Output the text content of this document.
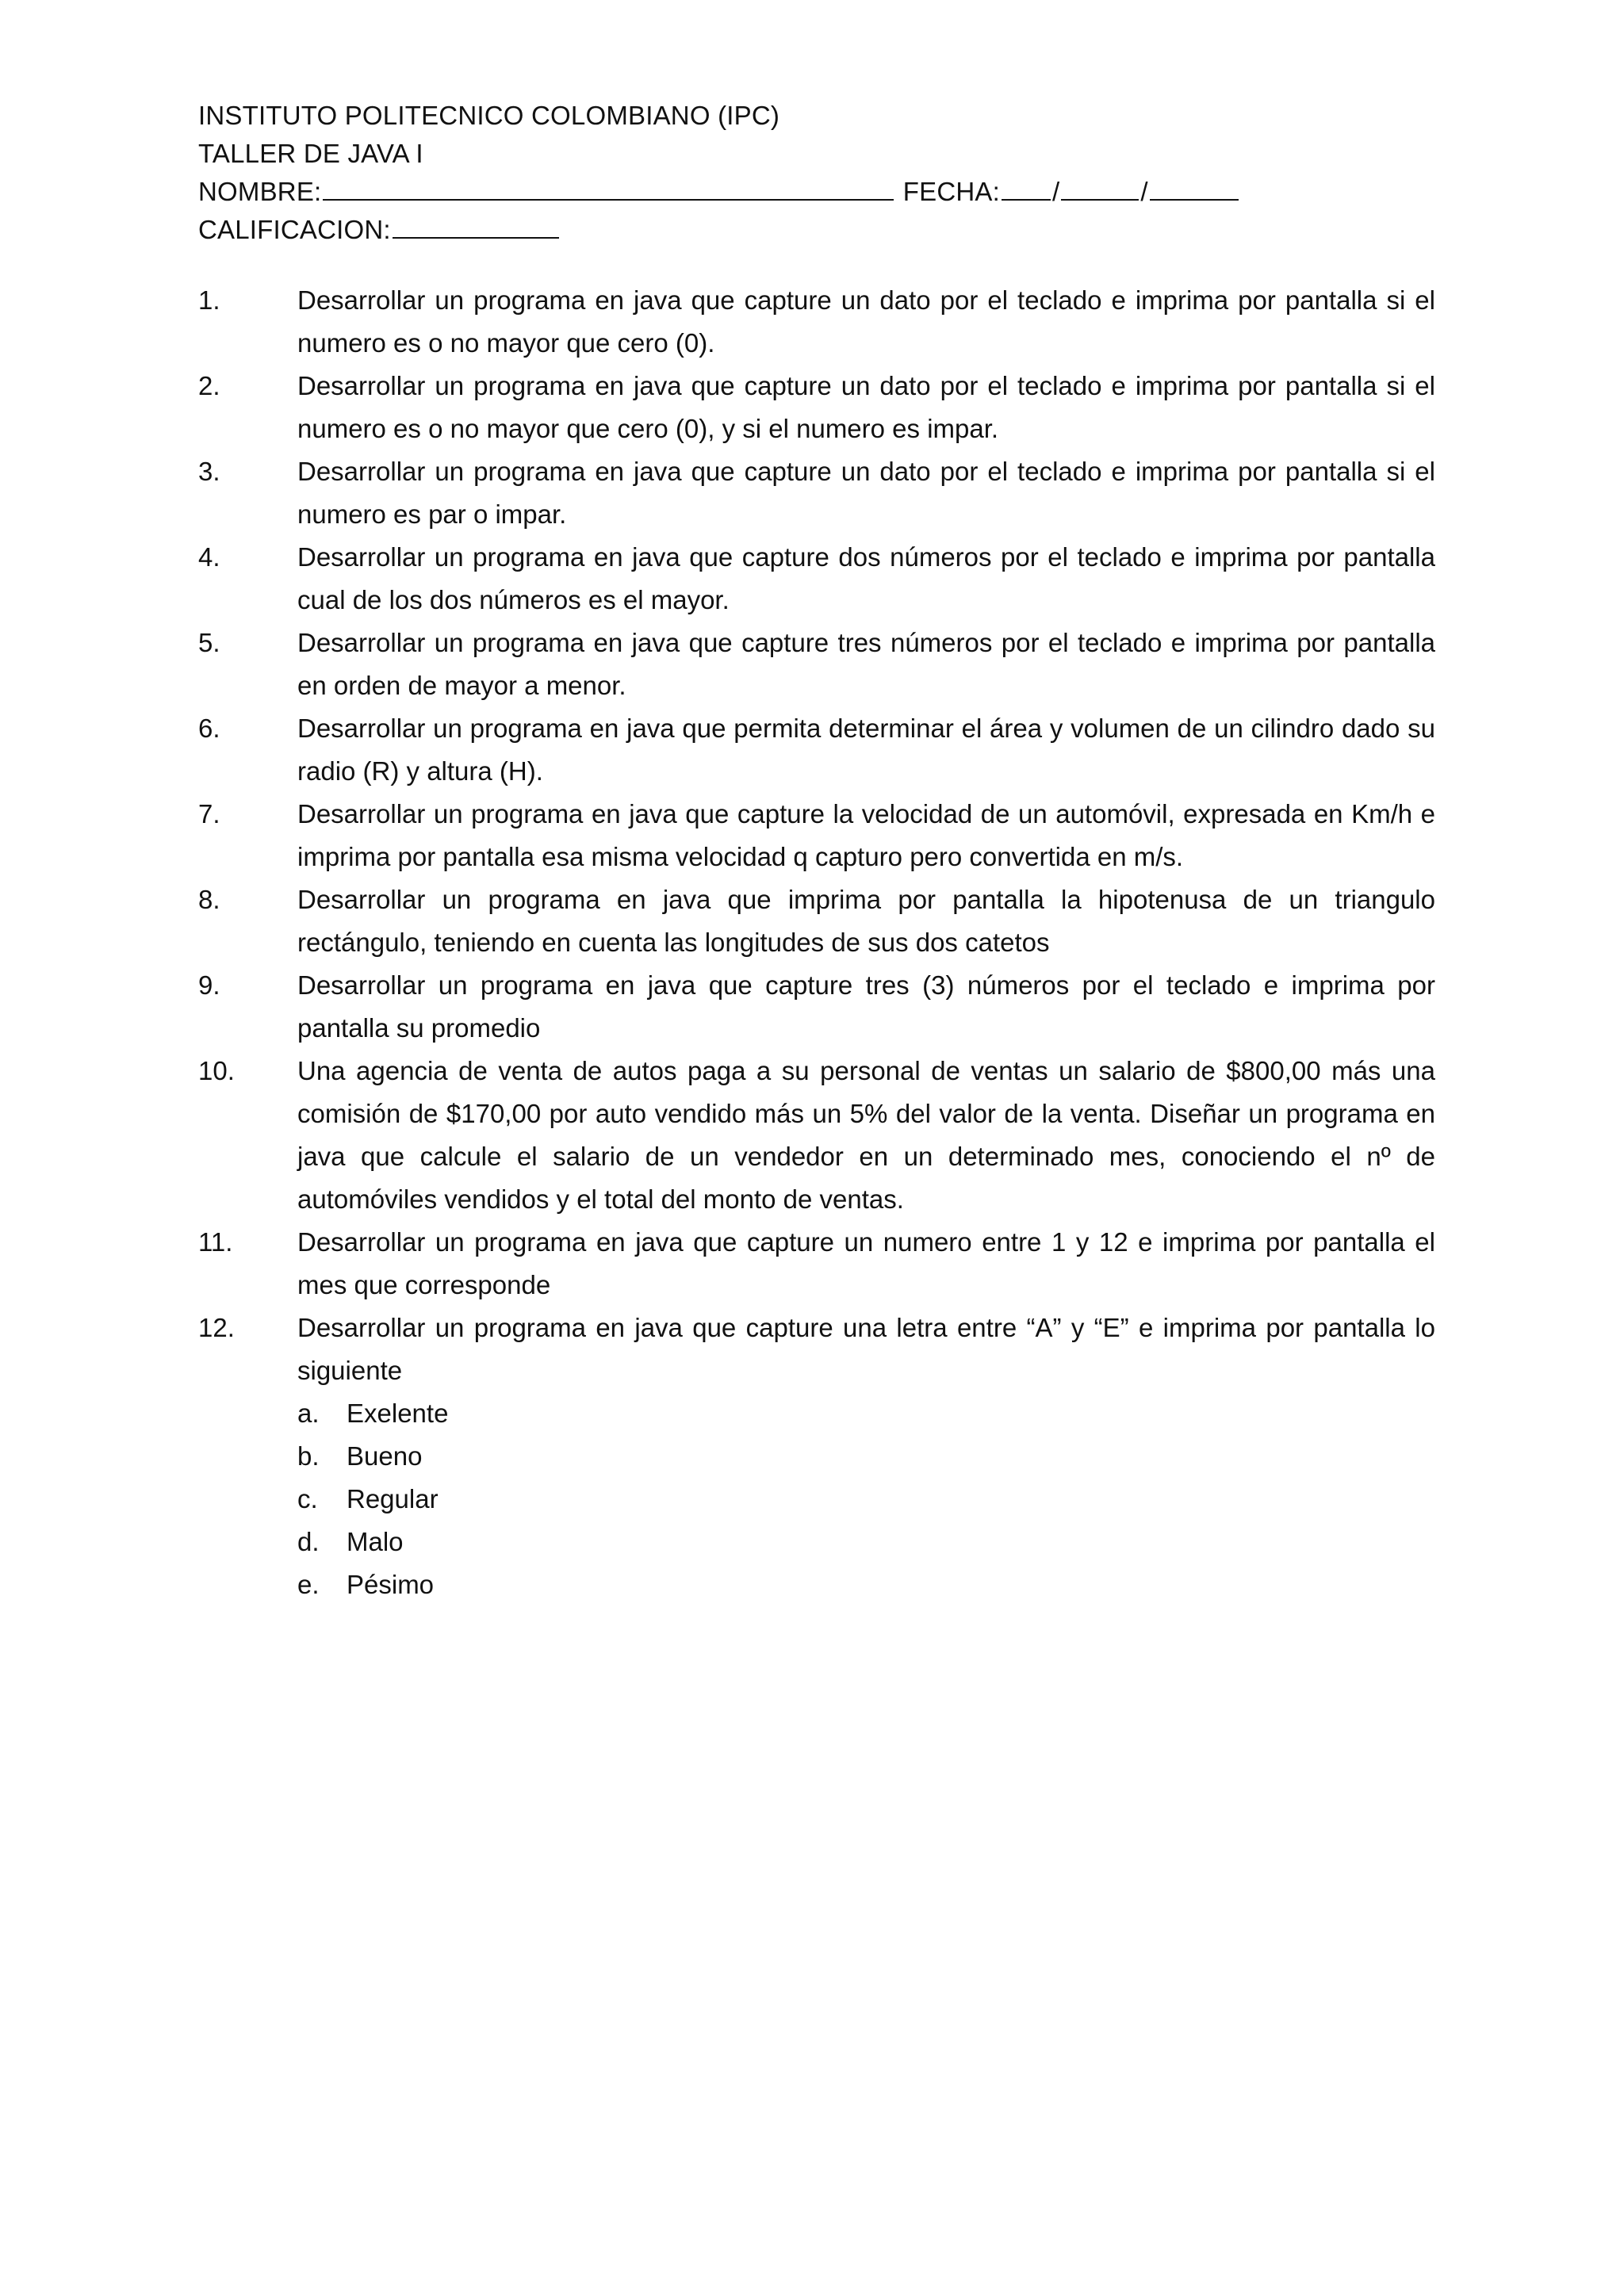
INSTITUTO POLITECNICO COLOMBIANO (IPC)
TALLER DE JAVA I
NOMBRE:	FECHA: /	/
CALIFICACION:
1.	Desarrollar un programa en java que capture un dato por el teclado e imprima por pantalla si el numero es o no mayor que cero (0).
2.	Desarrollar un programa en java que capture un dato por el teclado e imprima por pantalla si el numero es o no mayor que cero (0), y si el numero es impar.
3.	Desarrollar un programa en java que capture un dato por el teclado e imprima por pantalla si el numero es par o impar.
4.	Desarrollar un programa en java que capture dos números por el teclado e imprima por pantalla cual de los dos números es el mayor.
5.	Desarrollar un programa en java que capture tres números por el teclado e imprima por pantalla en orden de mayor a menor.
6.	Desarrollar un programa en java que permita determinar el área y volumen de un cilindro dado su radio (R) y altura (H).
7.	Desarrollar un programa en java que capture la velocidad de un automóvil, expresada en Km/h e imprima por pantalla esa misma velocidad q capturo pero convertida en m/s.
8.	Desarrollar un programa en java que imprima por pantalla la hipotenusa de un triangulo rectángulo, teniendo en cuenta las longitudes de sus dos catetos
9.	Desarrollar un programa en java que capture tres (3) números por el teclado e imprima por pantalla su promedio
10.	Una agencia de venta de autos paga a su personal de ventas un salario de $800,00 más una comisión de $170,00 por auto vendido más un 5% del valor de la venta. Diseñar un programa en java que calcule el salario de un vendedor en un determinado mes, conociendo el nº de automóviles vendidos y el total del monto de ventas.
11.	Desarrollar un programa en java que capture un numero entre 1 y 12 e imprima por pantalla el mes que corresponde
12.	Desarrollar un programa en java que capture una letra entre “A” y “E” e imprima por pantalla lo siguiente
a. Exelente
b. Bueno
c. Regular
d. Malo
e. Pésimo
